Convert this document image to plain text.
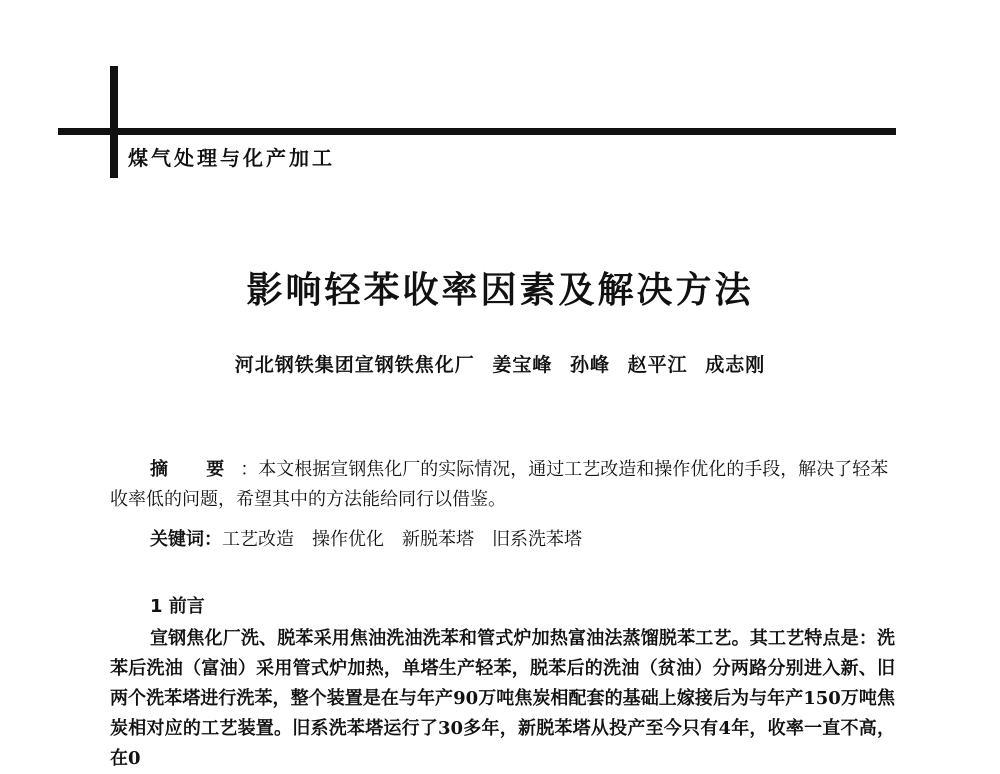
煤气处理与化产加工
影响轻苯收率因素及解决方法
河北钢铁集团宣钢铁焦化厂 姜宝峰 孙峰 赵平江 成志刚

摘 要：本文根据宣钢焦化厂的实际情况，通过工艺改造和操作优化的手段，解决了轻苯收率低的问题，希望其中的方法能给同行以借鉴。

关键词：工艺改造 操作优化 新脱苯塔 旧系洗苯塔
1 前言

宣钢焦化厂洗、脱苯采用焦油洗油洗苯和管式炉加热富油法蒸馏脱苯工艺。其工艺特点是：洗苯后洗油（富油）采用管式炉加热，单塔生产轻苯，脱苯后的洗油（贫油）分两路分别进入新、旧两个洗苯塔进行洗苯，整个装置是在与年产90万吨焦炭相配套的基础上嫁接后为与年产150万吨焦炭相对应的工艺装置。旧系洗苯塔运行了30多年，新脱苯塔从投产至今只有4年，收率一直不高，在0
